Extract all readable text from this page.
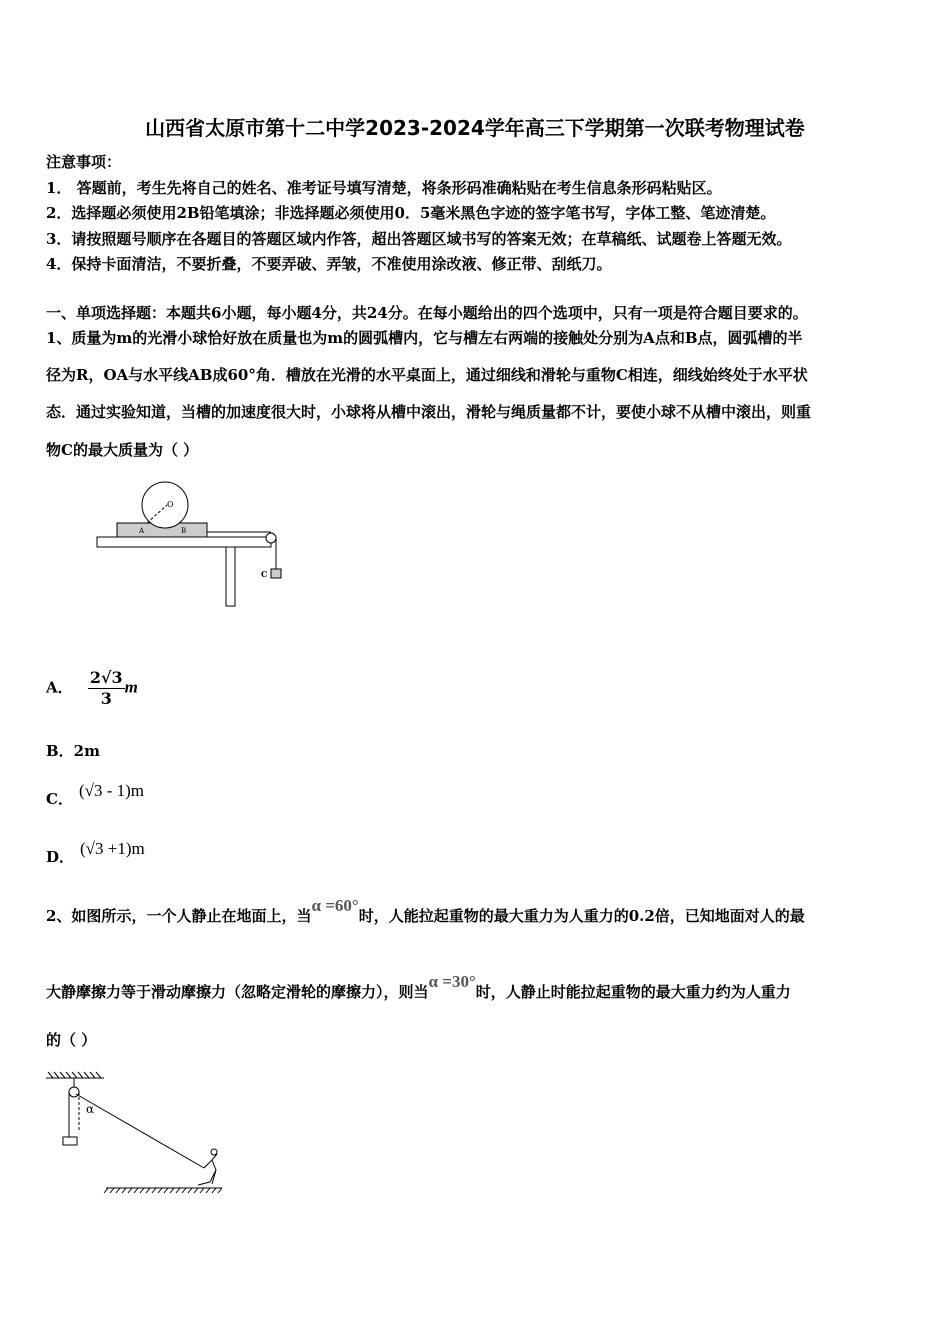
山西省太原市第十二中学2023-2024学年高三下学期第一次联考物理试卷
注意事项：
1． 答题前，考生先将自己的姓名、准考证号填写清楚，将条形码准确粘贴在考生信息条形码粘贴区。
2．选择题必须使用2B铅笔填涂；非选择题必须使用0．5毫米黑色字迹的签字笔书写，字体工整、笔迹清楚。
3．请按照题号顺序在各题目的答题区域内作答，超出答题区域书写的答案无效；在草稿纸、试题卷上答题无效。
4．保持卡面清洁，不要折叠，不要弄破、弄皱，不准使用涂改液、修正带、刮纸刀。
一、单项选择题：本题共6小题，每小题4分，共24分。在每小题给出的四个选项中，只有一项是符合题目要求的。
1、质量为m的光滑小球恰好放在质量也为m的圆弧槽内，它与槽左右两端的接触处分别为A点和B点，圆弧槽的半
径为R，OA与水平线AB成60°角．槽放在光滑的水平桌面上，通过细线和滑轮与重物C相连，细线始终处于水平状
态．通过实验知道，当槽的加速度很大时，小球将从槽中滚出，滑轮与绳质量都不计，要使小球不从槽中滚出，则重
物C的最大质量为（ ）
O
A	B
C
A． $\frac{2√3}{3}$ m
B．2m
C． (√3 - 1)m
D． (√3 +1)m
2、如图所示，一个人静止在地面上，当α =60°时，人能拉起重物的最大重力为人重力的0.2倍，已知地面对人的最
大静摩擦力等于滑动摩擦力（忽略定滑轮的摩擦力），则当α =30°时，人静止时能拉起重物的最大重力约为人重力
的（ ）
α
